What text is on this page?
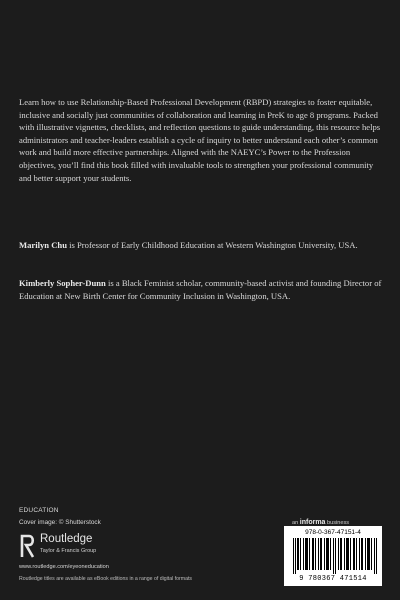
Learn how to use Relationship-Based Professional Development (RBPD) strategies to foster equitable, inclusive and socially just communities of collaboration and learning in PreK to age 8 programs. Packed with illustrative vignettes, checklists, and reflection questions to guide understanding, this resource helps administrators and teacher-leaders establish a cycle of inquiry to better understand each other’s common work and build more effective partnerships. Aligned with the NAEYC’s Power to the Profession objectives, you’ll find this book filled with invaluable tools to strengthen your professional community and better support your students.

Marilyn Chu is Professor of Early Childhood Education at Western Washington University, USA.

Kimberly Sopher-Dunn is a Black Feminist scholar, community-based activist and founding Director of Education at New Birth Center for Community Inclusion in Washington, USA.

EDUCATION
Cover image: © Shutterstock
Routledge
Taylor & Francis Group
www.routledge.com/eyeoneducation
Routledge titles are available as eBook editions in a range of digital formats
an informa business
978-0-367-47151-4
9 780367 471514
